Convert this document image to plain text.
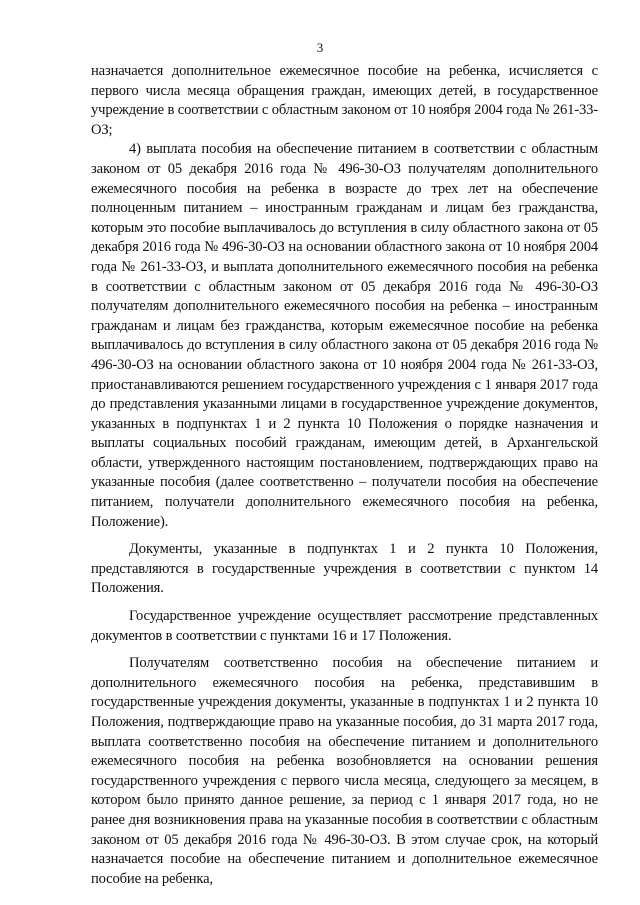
3

назначается дополнительное ежемесячное пособие на ребенка, исчисляется с первого числа месяца обращения граждан, имеющих детей, в государственное учреждение в соответствии с областным законом от 10 ноября 2004 года № 261-33-ОЗ;

4) выплата пособия на обеспечение питанием в соответствии с областным законом от 05 декабря 2016 года № 496-30-ОЗ получателям дополнительного ежемесячного пособия на ребенка в возрасте до трех лет на обеспечение полноценным питанием – иностранным гражданам и лицам без гражданства, которым это пособие выплачивалось до вступления в силу областного закона от 05 декабря 2016 года № 496-30-ОЗ на основании областного закона от 10 ноября 2004 года № 261-33-ОЗ, и выплата дополнительного ежемесячного пособия на ребенка в соответствии с областным законом от 05 декабря 2016 года № 496-30-ОЗ получателям дополнительного ежемесячного пособия на ребенка – иностранным гражданам и лицам без гражданства, которым ежемесячное пособие на ребенка выплачивалось до вступления в силу областного закона от 05 декабря 2016 года № 496-30-ОЗ на основании областного закона от 10 ноября 2004 года № 261-33-ОЗ, приостанавливаются решением государственного учреждения с 1 января 2017 года до представления указанными лицами в государственное учреждение документов, указанных в подпунктах 1 и 2 пункта 10 Положения о порядке назначения и выплаты социальных пособий гражданам, имеющим детей, в Архангельской области, утвержденного настоящим постановлением, подтверждающих право на указанные пособия (далее соответственно – получатели пособия на обеспечение питанием, получатели дополнительного ежемесячного пособия на ребенка, Положение).

Документы, указанные в подпунктах 1 и 2 пункта 10 Положения, представляются в государственные учреждения в соответствии с пунктом 14 Положения.

Государственное учреждение осуществляет рассмотрение представленных документов в соответствии с пунктами 16 и 17 Положения.

Получателям соответственно пособия на обеспечение питанием и дополнительного ежемесячного пособия на ребенка, представившим в государственные учреждения документы, указанные в подпунктах 1 и 2 пункта 10 Положения, подтверждающие право на указанные пособия, до 31 марта 2017 года, выплата соответственно пособия на обеспечение питанием и дополнительного ежемесячного пособия на ребенка возобновляется на основании решения государственного учреждения с первого числа месяца, следующего за месяцем, в котором было принято данное решение, за период с 1 января 2017 года, но не ранее дня возникновения права на указанные пособия в соответствии с областным законом от 05 декабря 2016 года № 496-30-ОЗ. В этом случае срок, на который назначается пособие на обеспечение питанием и дополнительное ежемесячное пособие на ребенка,
